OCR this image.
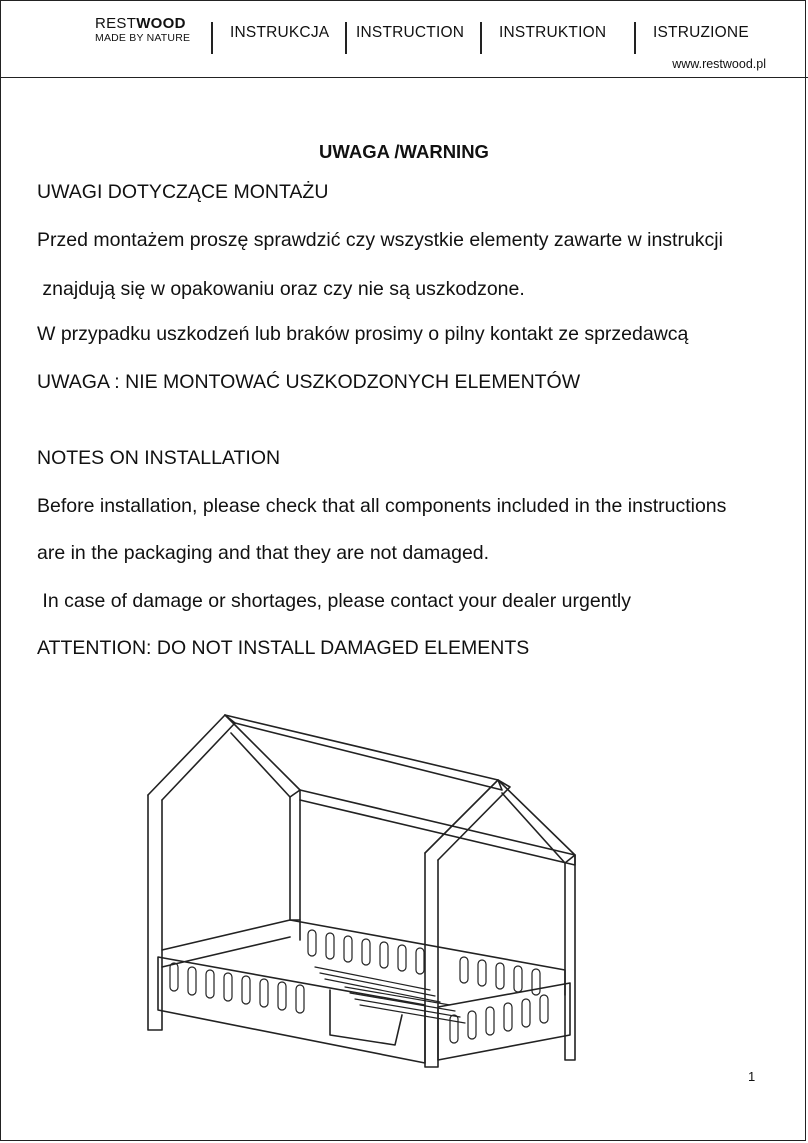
RESTWOOD
MADE BY NATURE	INSTRUKCJA INSTRUCTION INSTRUKTION	ISTRUZIONE
www.restwood.pl
UWAGA /WARNING
UWAGI DOTYCZĄCE MONTAŻU
Przed montażem proszę sprawdzić czy wszystkie elementy zawarte w instrukcji
znajdują się w opakowaniu oraz czy nie są uszkodzone.
W przypadku uszkodzeń lub braków prosimy o pilny kontakt ze sprzedawcą
UWAGA : NIE MONTOWAĆ USZKODZONYCH ELEMENTÓW
NOTES ON INSTALLATION
Before installation, please check that all components included in the instructions
are in the packaging and that they are not damaged.
In case of damage or shortages, please contact your dealer urgently
ATTENTION: DO NOT INSTALL DAMAGED ELEMENTS
1
